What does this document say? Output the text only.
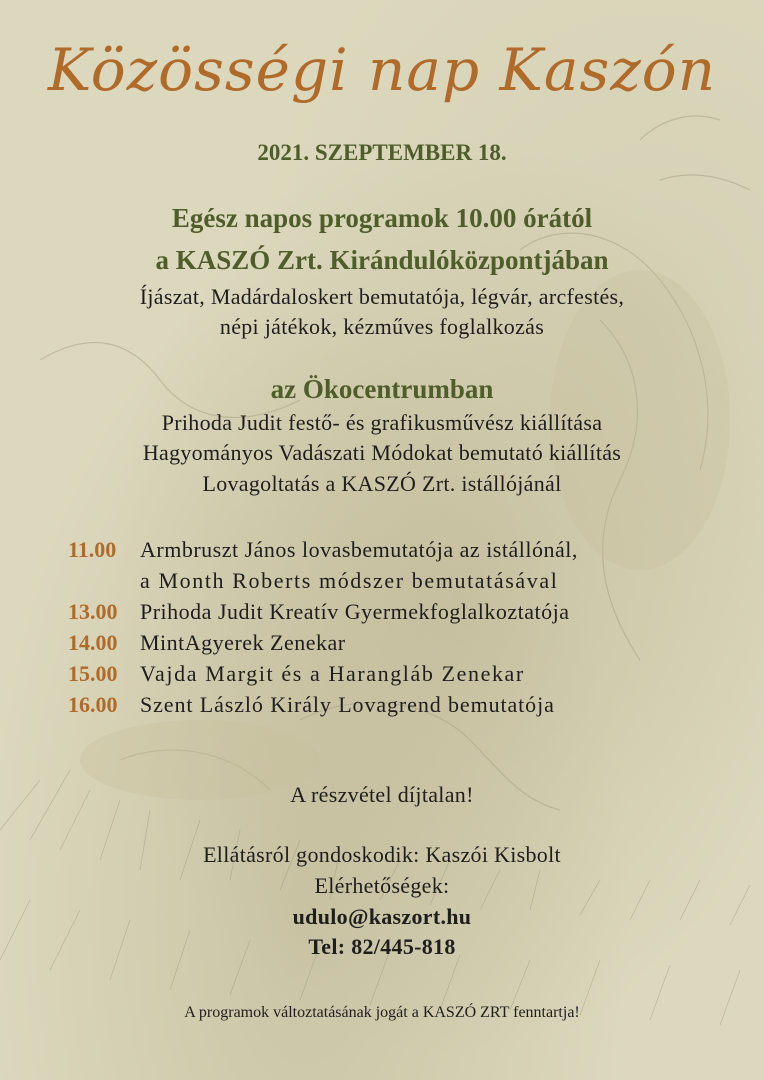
Közösségi nap Kaszón
2021. SZEPTEMBER 18.
Egész napos programok 10.00 órától
a KASZÓ Zrt. Kirándulóközpontjában
Íjászat, Madárdaloskert bemutatója, légvár, arcfestés,
népi játékok, kézműves foglalkozás
az Ökocentrumban
Prihoda Judit festő- és grafikusművész kiállítása
Hagyományos Vadászati Módokat bemutató kiállítás
Lovagoltatás a KASZÓ Zrt. istállójánál
11.00 Armbruszt János lovasbemutatója az istállónál,
a Month Roberts módszer bemutatásával
13.00 Prihoda Judit Kreatív Gyermekfoglalkoztatója
14.00 MintAgyerek Zenekar
15.00 Vajda Margit és a Harangláb Zenekar
16.00 Szent László Király Lovagrend bemutatója
A részvétel díjtalan!
Ellátásról gondoskodik: Kaszói Kisbolt
Elérhetőségek:
udulo@kaszort.hu
Tel: 82/445-818
A programok változtatásának jogát a KASZÓ ZRT fenntartja!
